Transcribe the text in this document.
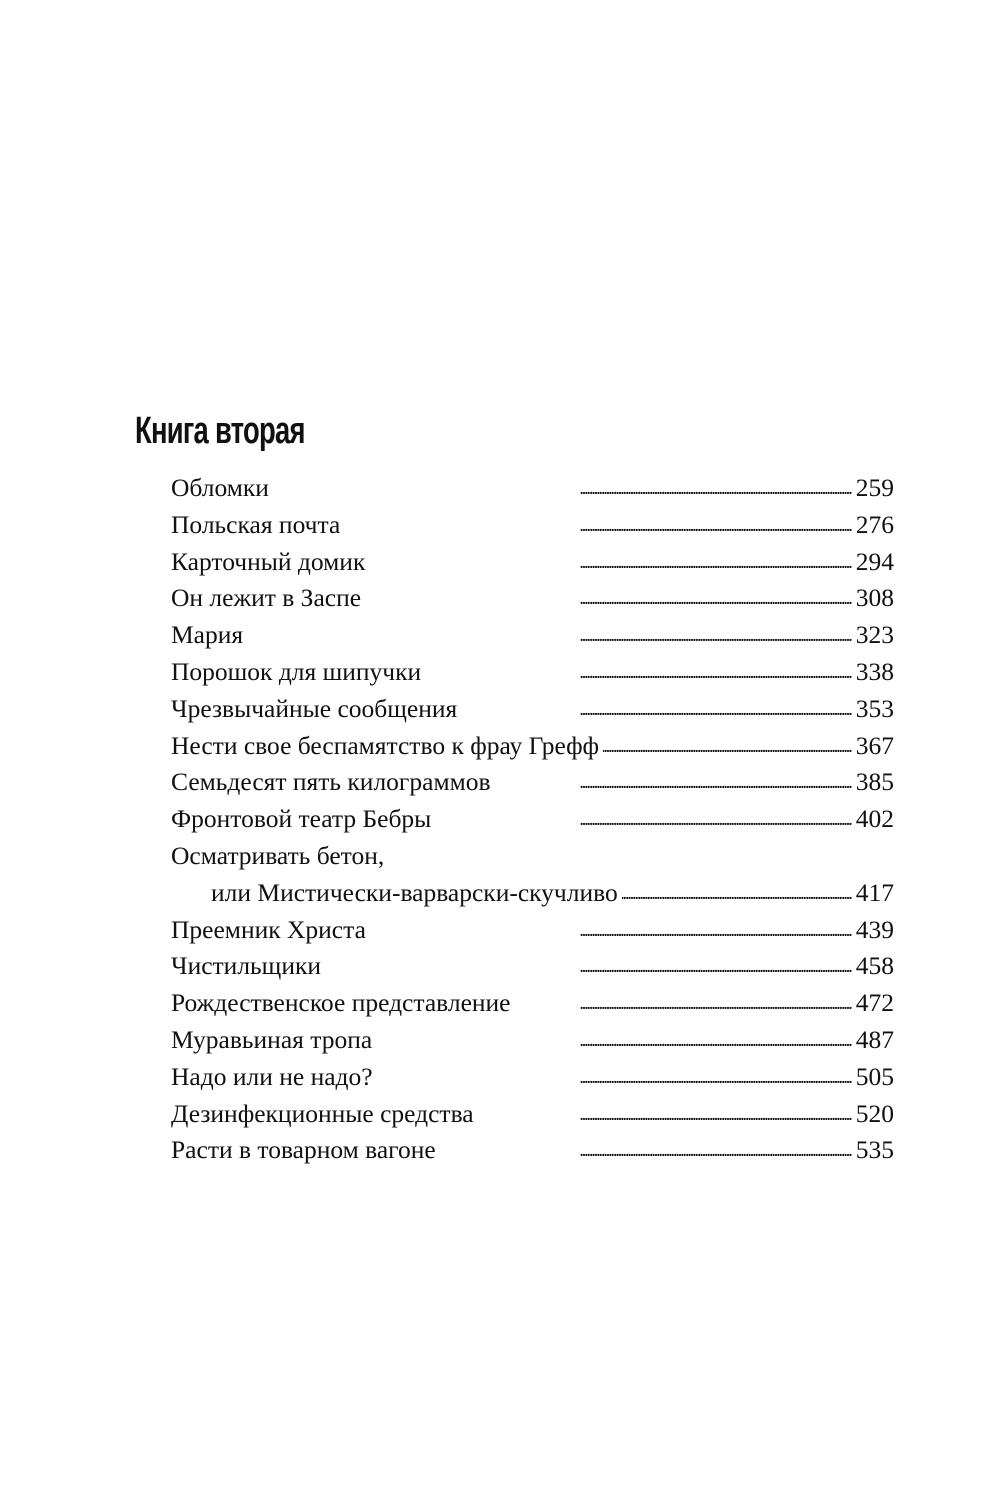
Книга вторая
Обломки . . .	259
Польская почта . . .	276
Карточный домик . . .	294
Он лежит в Заспе . . .	308
Мария . . .	323
Порошок для шипучки . . .	338
Чрезвычайные сообщения . . .	353
Нести свое беспамятство к фрау Грефф . . .	367
Семьдесят пять килограммов . . .	385
Фронтовой театр Бебры . . .	402
Осматривать бетон,
или Мистически-варварски-скучливо . . .	417
Преемник Христа . . .	439
Чистильщики . . .	458
Рождественское представление . . .	472
Муравьиная тропа . . .	487
Надо или не надо? . . .	505
Дезинфекционные средства . . .	520
Расти в товарном вагоне . . .	535
